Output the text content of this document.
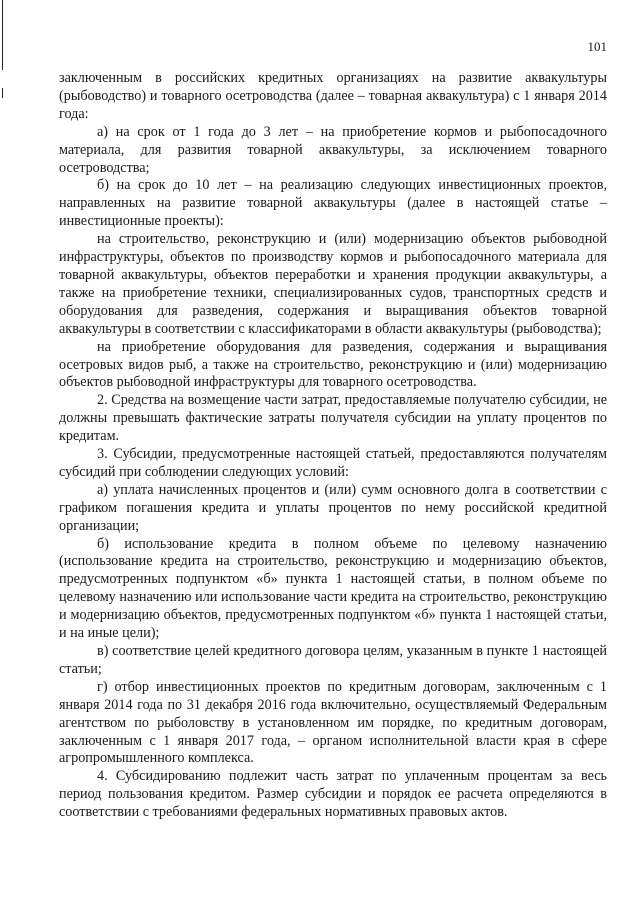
101

заключенным в российских кредитных организациях на развитие аквакультуры (рыбоводство) и товарного осетроводства (далее – товарная аквакультура) с 1 января 2014 года:

а) на срок от 1 года до 3 лет – на приобретение кормов и рыбопосадочного материала, для развития товарной аквакультуры, за исключением товарного осетроводства;

б) на срок до 10 лет – на реализацию следующих инвестиционных проектов, направленных на развитие товарной аквакультуры (далее в настоящей статье – инвестиционные проекты):

на строительство, реконструкцию и (или) модернизацию объектов рыбоводной инфраструктуры, объектов по производству кормов и рыбопосадочного материала для товарной аквакультуры, объектов переработки и хранения продукции аквакультуры, а также на приобретение техники, специализированных судов, транспортных средств и оборудования для разведения, содержания и выращивания объектов товарной аквакультуры в соответствии с классификаторами в области аквакультуры (рыбоводства);

на приобретение оборудования для разведения, содержания и выращивания осетровых видов рыб, а также на строительство, реконструкцию и (или) модернизацию объектов рыбоводной инфраструктуры для товарного осетроводства.

2. Средства на возмещение части затрат, предоставляемые получателю субсидии, не должны превышать фактические затраты получателя субсидии на уплату процентов по кредитам.

3. Субсидии, предусмотренные настоящей статьей, предоставляются получателям субсидий при соблюдении следующих условий:

а) уплата начисленных процентов и (или) сумм основного долга в соответствии с графиком погашения кредита и уплаты процентов по нему российской кредитной организации;

б) использование кредита в полном объеме по целевому назначению (использование кредита на строительство, реконструкцию и модернизацию объектов, предусмотренных подпунктом «б» пункта 1 настоящей статьи, в полном объеме по целевому назначению или использование части кредита на строительство, реконструкцию и модернизацию объектов, предусмотренных подпунктом «б» пункта 1 настоящей статьи, и на иные цели);

в) соответствие целей кредитного договора целям, указанным в пункте 1 настоящей статьи;

г) отбор инвестиционных проектов по кредитным договорам, заключенным с 1 января 2014 года по 31 декабря 2016 года включительно, осуществляемый Федеральным агентством по рыболовству в установленном им порядке, по кредитным договорам, заключенным с 1 января 2017 года, – органом исполнительной власти края в сфере агропромышленного комплекса.

4. Субсидированию подлежит часть затрат по уплаченным процентам за весь период пользования кредитом. Размер субсидии и порядок ее расчета определяются в соответствии с требованиями федеральных нормативных правовых актов.
